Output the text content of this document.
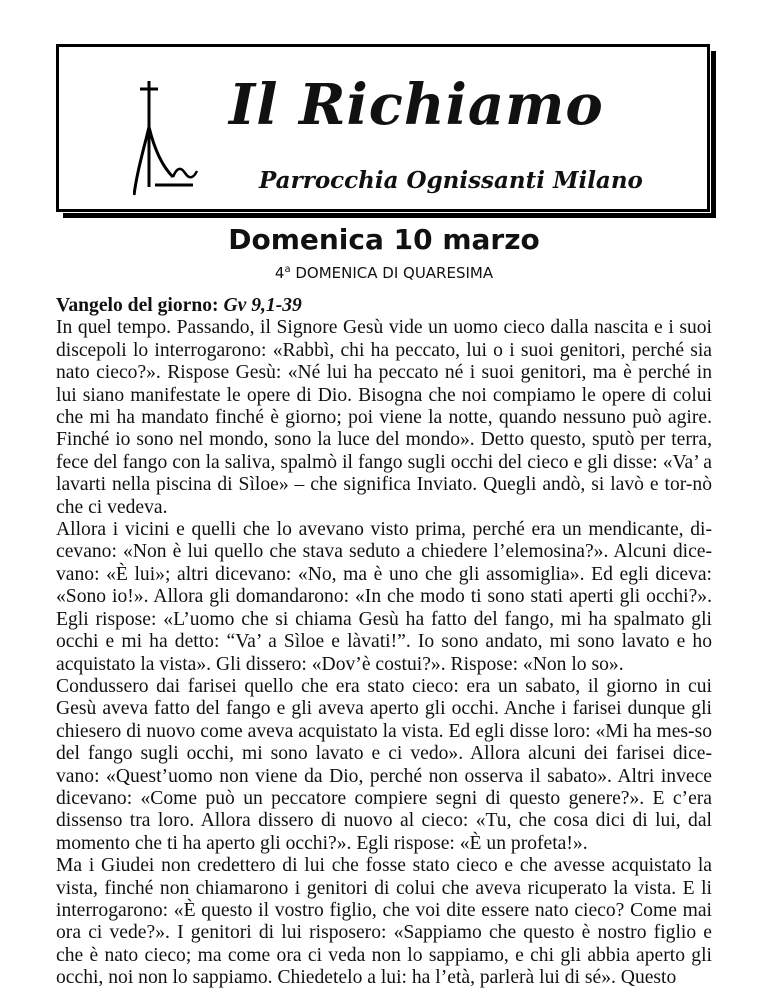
Il Richiamo
Parrocchia Ognissanti Milano
Domenica 10 marzo
4$^a$ DOMENICA DI QUARESIMA

Vangelo del giorno: Gv 9,1-39

In quel tempo. Passando, il Signore Gesù vide un uomo cieco dalla nascita e i suoi discepoli lo interrogarono: «Rabbì, chi ha peccato, lui o i suoi genitori, perché sia nato cieco?». Rispose Gesù: «Né lui ha peccato né i suoi genitori, ma è perché in lui siano manifestate le opere di Dio. Bisogna che noi compiamo le opere di colui che mi ha mandato finché è giorno; poi viene la notte, quando nessuno può agire. Finché io sono nel mondo, sono la luce del mondo». Detto questo, sputò per terra, fece del fango con la saliva, spalmò il fango sugli occhi del cieco e gli disse: «Va’ a lavarti nella piscina di Sìloe» – che significa Inviato. Quegli andò, si lavò e tor-nò che ci vedeva.

Allora i vicini e quelli che lo avevano visto prima, perché era un mendicante, di-cevano: «Non è lui quello che stava seduto a chiedere l’elemosina?». Alcuni dice-vano: «È lui»; altri dicevano: «No, ma è uno che gli assomiglia». Ed egli diceva: «Sono io!». Allora gli domandarono: «In che modo ti sono stati aperti gli occhi?». Egli rispose: «L’uomo che si chiama Gesù ha fatto del fango, mi ha spalmato gli occhi e mi ha detto: “Va’ a Sìloe e làvati!”. Io sono andato, mi sono lavato e ho acquistato la vista». Gli dissero: «Dov’è costui?». Rispose: «Non lo so».

Condussero dai farisei quello che era stato cieco: era un sabato, il giorno in cui Gesù aveva fatto del fango e gli aveva aperto gli occhi. Anche i farisei dunque gli chiesero di nuovo come aveva acquistato la vista. Ed egli disse loro: «Mi ha mes-so del fango sugli occhi, mi sono lavato e ci vedo». Allora alcuni dei farisei dice-vano: «Quest’uomo non viene da Dio, perché non osserva il sabato». Altri invece dicevano: «Come può un peccatore compiere segni di questo genere?». E c’era dissenso tra loro. Allora dissero di nuovo al cieco: «Tu, che cosa dici di lui, dal momento che ti ha aperto gli occhi?». Egli rispose: «È un profeta!».

Ma i Giudei non credettero di lui che fosse stato cieco e che avesse acquistato la vista, finché non chiamarono i genitori di colui che aveva ricuperato la vista. E li interrogarono: «È questo il vostro figlio, che voi dite essere nato cieco? Come mai ora ci vede?». I genitori di lui risposero: «Sappiamo che questo è nostro figlio e che è nato cieco; ma come ora ci veda non lo sappiamo, e chi gli abbia aperto gli occhi, noi non lo sappiamo. Chiedetelo a lui: ha l’età, parlerà lui di sé». Questo
